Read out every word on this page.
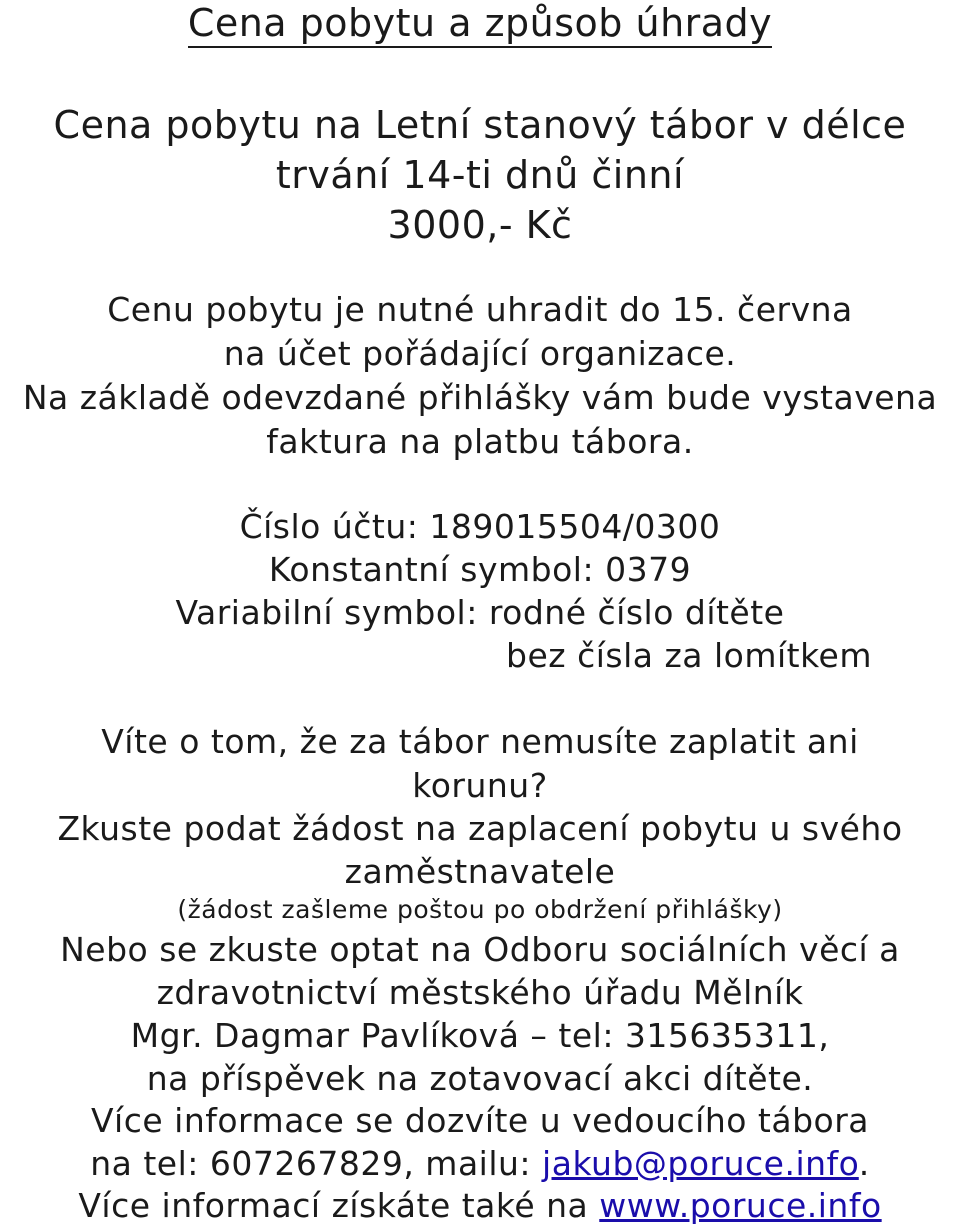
Cena pobytu a způsob úhrady
Cena pobytu na Letní stanový tábor v délce
trvání 14-ti dnů činní
3000,- Kč
Cenu pobytu je nutné uhradit do 15. června
na účet pořádající organizace.
Na základě odevzdané přihlášky vám bude vystavena
faktura na platbu tábora.
Číslo účtu: 189015504/0300
Konstantní symbol: 0379
Variabilní symbol: rodné číslo dítěte
bez čísla za lomítkem
Víte o tom, že za tábor nemusíte zaplatit ani
korunu?
Zkuste podat žádost na zaplacení pobytu u svého
zaměstnavatele
(žádost zašleme poštou po obdržení přihlášky)
Nebo se zkuste optat na Odboru sociálních věcí a
zdravotnictví městského úřadu Mělník
Mgr. Dagmar Pavlíková – tel: 315635311,
na příspěvek na zotavovací akci dítěte.
Více informace se dozvíte u vedoucího tábora
na tel: 607267829, mailu: jakub@poruce.info.
Více informací získáte také na www.poruce.info
